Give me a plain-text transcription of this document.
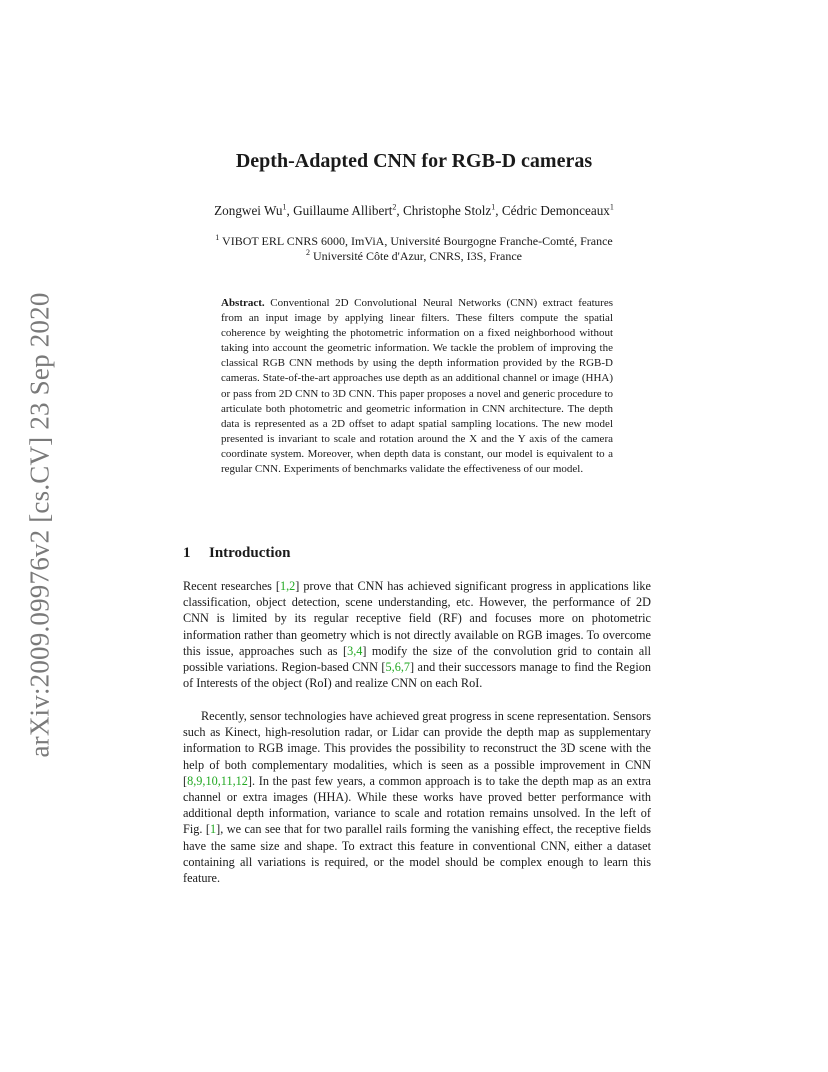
arXiv:2009.09976v2 [cs.CV] 23 Sep 2020
Depth-Adapted CNN for RGB-D cameras
Zongwei Wu$^1$, Guillaume Allibert$^2$, Christophe Stolz$^1$, Cédric Demonceaux$^1$
$^1$ VIBOT ERL CNRS 6000, ImViA, Université Bourgogne Franche-Comté, France
$^2$ Université Côte d'Azur, CNRS, I3S, France
Abstract. Conventional 2D Convolutional Neural Networks (CNN) extract features from an input image by applying linear filters. These filters compute the spatial coherence by weighting the photometric information on a fixed neighborhood without taking into account the geometric information. We tackle the problem of improving the classical RGB CNN methods by using the depth information provided by the RGB-D cameras. State-of-the-art approaches use depth as an additional channel or image (HHA) or pass from 2D CNN to 3D CNN. This paper proposes a novel and generic procedure to articulate both photometric and geometric information in CNN architecture. The depth data is represented as a 2D offset to adapt spatial sampling locations. The new model presented is invariant to scale and rotation around the X and the Y axis of the camera coordinate system. Moreover, when depth data is constant, our model is equivalent to a regular CNN. Experiments of benchmarks validate the effectiveness of our model.
1 Introduction
Recent researches [ 1,2 ] prove that CNN has achieved significant progress in applications like classification, object detection, scene understanding, etc. However, the performance of 2D CNN is limited by its regular receptive field (RF) and focuses more on photometric information rather than geometry which is not directly available on RGB images. To overcome this issue, approaches such as [ 3,4 ] modify the size of the convolution grid to contain all possible variations. Region-based CNN [ 5,6,7 ] and their successors manage to find the Region of Interests of the object (RoI) and realize CNN on each RoI.
Recently, sensor technologies have achieved great progress in scene representation. Sensors such as Kinect, high-resolution radar, or Lidar can provide the depth map as supplementary information to RGB image. This provides the possibility to reconstruct the 3D scene with the help of both complementary modalities, which is seen as a possible improvement in CNN [ 8,9,10,11,12 ] . In the past few years, a common approach is to take the depth map as an extra channel or extra images (HHA). While these works have proved better performance with additional depth information, variance to scale and rotation remains unsolved. In the left of Fig. [ 1 ] , we can see that for two parallel rails forming the vanishing effect, the receptive fields have the same size and shape. To extract this feature in conventional CNN, either a dataset containing all variations is required, or the model should be complex enough to learn this feature.
